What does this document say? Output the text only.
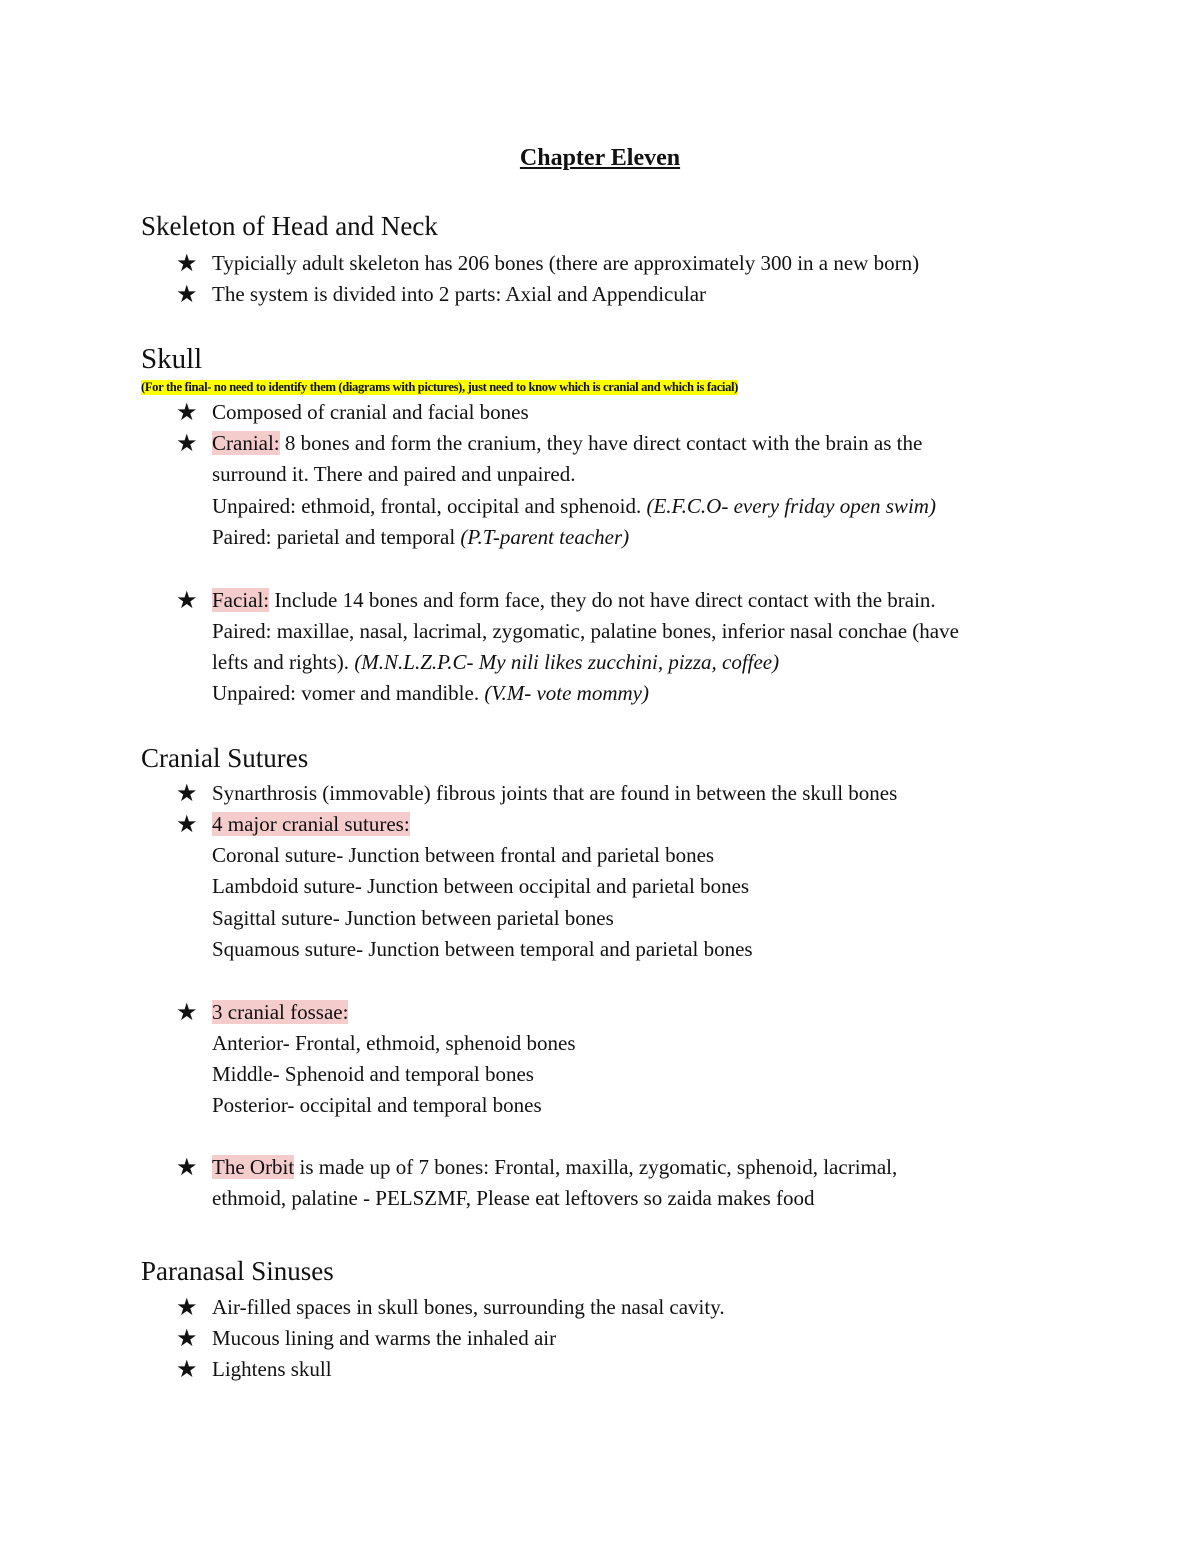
Chapter Eleven
Skeleton of Head and Neck
★ Typicially adult skeleton has 206 bones (there are approximately 300 in a new born)
★ The system is divided into 2 parts: Axial and Appendicular
Skull
(For the final- no need to identify them (diagrams with pictures), just need to know which is cranial and which is facial)
★ Composed of cranial and facial bones
★ Cranial: 8 bones and form the cranium, they have direct contact with the brain as the
surround it. There and paired and unpaired.
Unpaired: ethmoid, frontal, occipital and sphenoid. (E.F.C.O- every friday open swim)
Paired: parietal and temporal (P.T-parent teacher)
★ Facial: Include 14 bones and form face, they do not have direct contact with the brain.
Paired: maxillae, nasal, lacrimal, zygomatic, palatine bones, inferior nasal conchae (have
lefts and rights). (M.N.L.Z.P.C- My nili likes zucchini, pizza, coffee)
Unpaired: vomer and mandible. (V.M- vote mommy)
Cranial Sutures
★ Synarthrosis (immovable) fibrous joints that are found in between the skull bones
★ 4 major cranial sutures:
Coronal suture- Junction between frontal and parietal bones
Lambdoid suture- Junction between occipital and parietal bones
Sagittal suture- Junction between parietal bones
Squamous suture- Junction between temporal and parietal bones
★ 3 cranial fossae:
Anterior- Frontal, ethmoid, sphenoid bones
Middle- Sphenoid and temporal bones
Posterior- occipital and temporal bones
★ The Orbit is made up of 7 bones: Frontal, maxilla, zygomatic, sphenoid, lacrimal,
ethmoid, palatine - PELSZMF, Please eat leftovers so zaida makes food
Paranasal Sinuses
★ Air-filled spaces in skull bones, surrounding the nasal cavity.
★ Mucous lining and warms the inhaled air
★ Lightens skull
